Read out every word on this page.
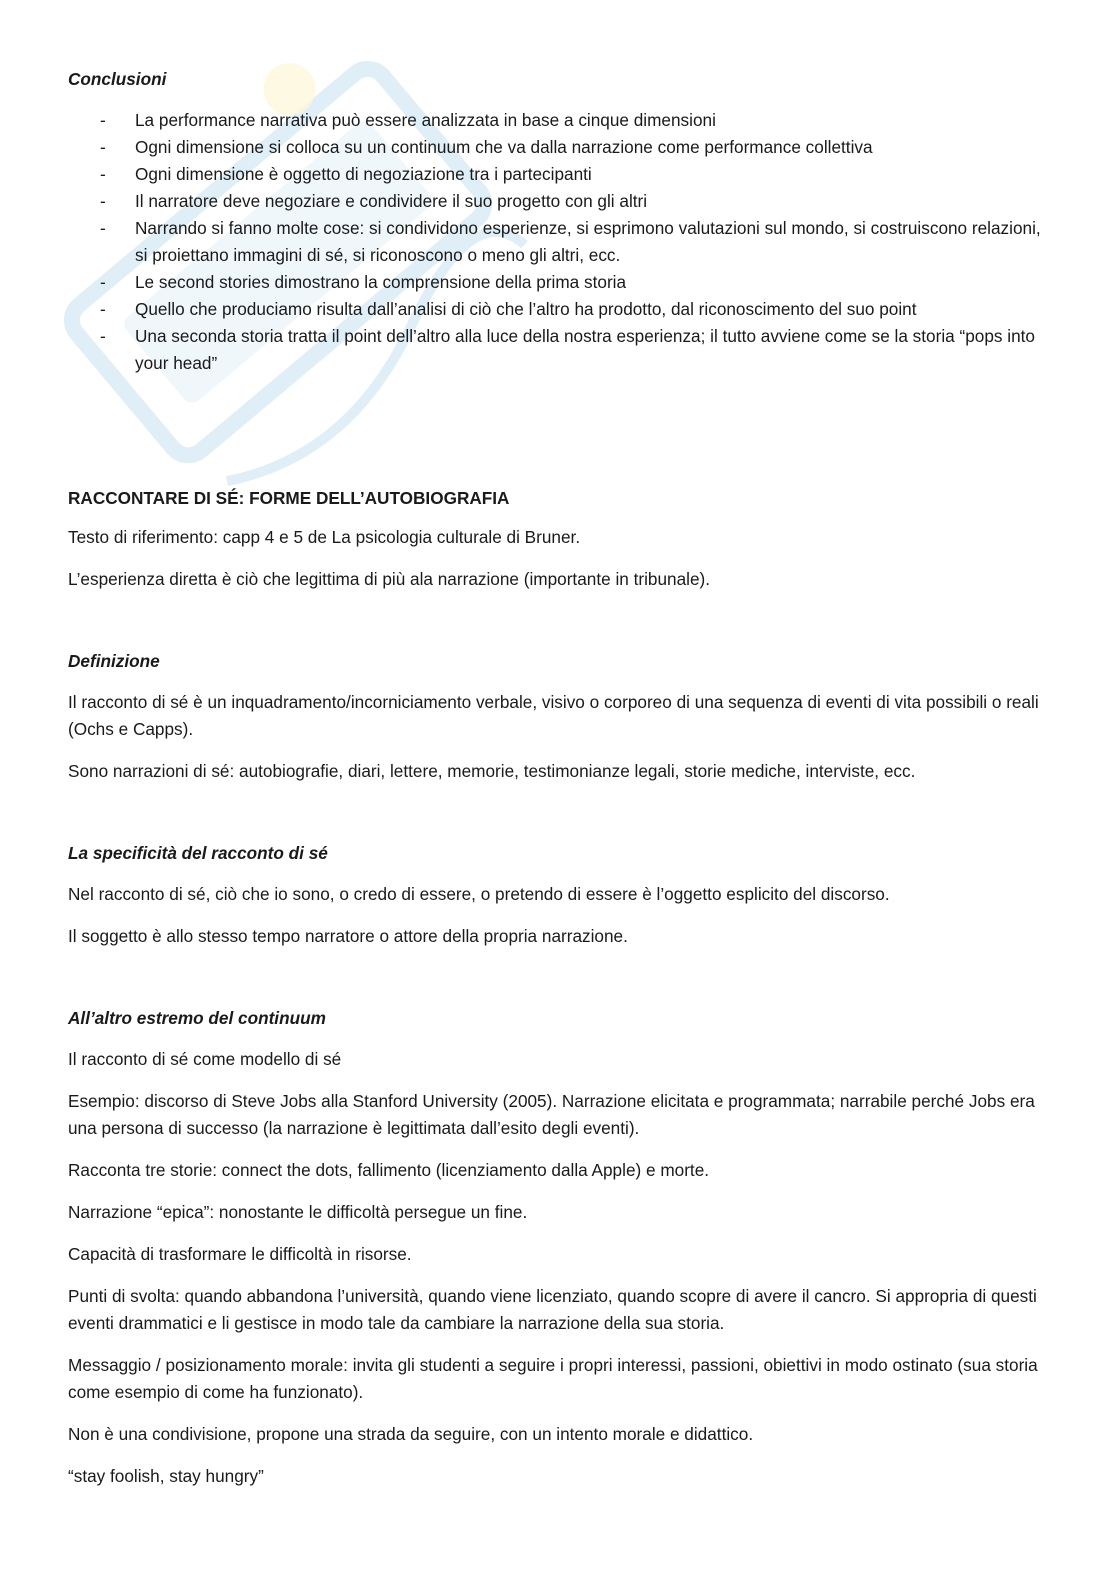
Conclusioni
- La performance narrativa può essere analizzata in base a cinque dimensioni
- Ogni dimensione si colloca su un continuum che va dalla narrazione come performance collettiva
- Ogni dimensione è oggetto di negoziazione tra i partecipanti
- Il narratore deve negoziare e condividere il suo progetto con gli altri
- Narrando si fanno molte cose: si condividono esperienze, si esprimono valutazioni sul mondo, si costruiscono relazioni, si proiettano immagini di sé, si riconoscono o meno gli altri, ecc.
- Le second stories dimostrano la comprensione della prima storia
- Quello che produciamo risulta dall’analisi di ciò che l’altro ha prodotto, dal riconoscimento del suo point
- Una seconda storia tratta il point dell’altro alla luce della nostra esperienza; il tutto avviene come se la storia “pops into your head”
RACCONTARE DI SÉ: FORME DELL’AUTOBIOGRAFIA

Testo di riferimento: capp 4 e 5 de La psicologia culturale di Bruner.

L’esperienza diretta è ciò che legittima di più ala narrazione (importante in tribunale).

Definizione

Il racconto di sé è un inquadramento/incorniciamento verbale, visivo o corporeo di una sequenza di eventi di vita possibili o reali (Ochs e Capps).

Sono narrazioni di sé: autobiografie, diari, lettere, memorie, testimonianze legali, storie mediche, interviste, ecc.

La specificità del racconto di sé

Nel racconto di sé, ciò che io sono, o credo di essere, o pretendo di essere è l’oggetto esplicito del discorso.

Il soggetto è allo stesso tempo narratore o attore della propria narrazione.

All’altro estremo del continuum

Il racconto di sé come modello di sé

Esempio: discorso di Steve Jobs alla Stanford University (2005). Narrazione elicitata e programmata; narrabile perché Jobs era una persona di successo (la narrazione è legittimata dall’esito degli eventi).

Racconta tre storie: connect the dots, fallimento (licenziamento dalla Apple) e morte.

Narrazione “epica”: nonostante le difficoltà persegue un fine.

Capacità di trasformare le difficoltà in risorse.

Punti di svolta: quando abbandona l’università, quando viene licenziato, quando scopre di avere il cancro. Si appropria di questi eventi drammatici e li gestisce in modo tale da cambiare la narrazione della sua storia.

Messaggio / posizionamento morale: invita gli studenti a seguire i propri interessi, passioni, obiettivi in modo ostinato (sua storia come esempio di come ha funzionato).

Non è una condivisione, propone una strada da seguire, con un intento morale e didattico.

“stay foolish, stay hungry”
